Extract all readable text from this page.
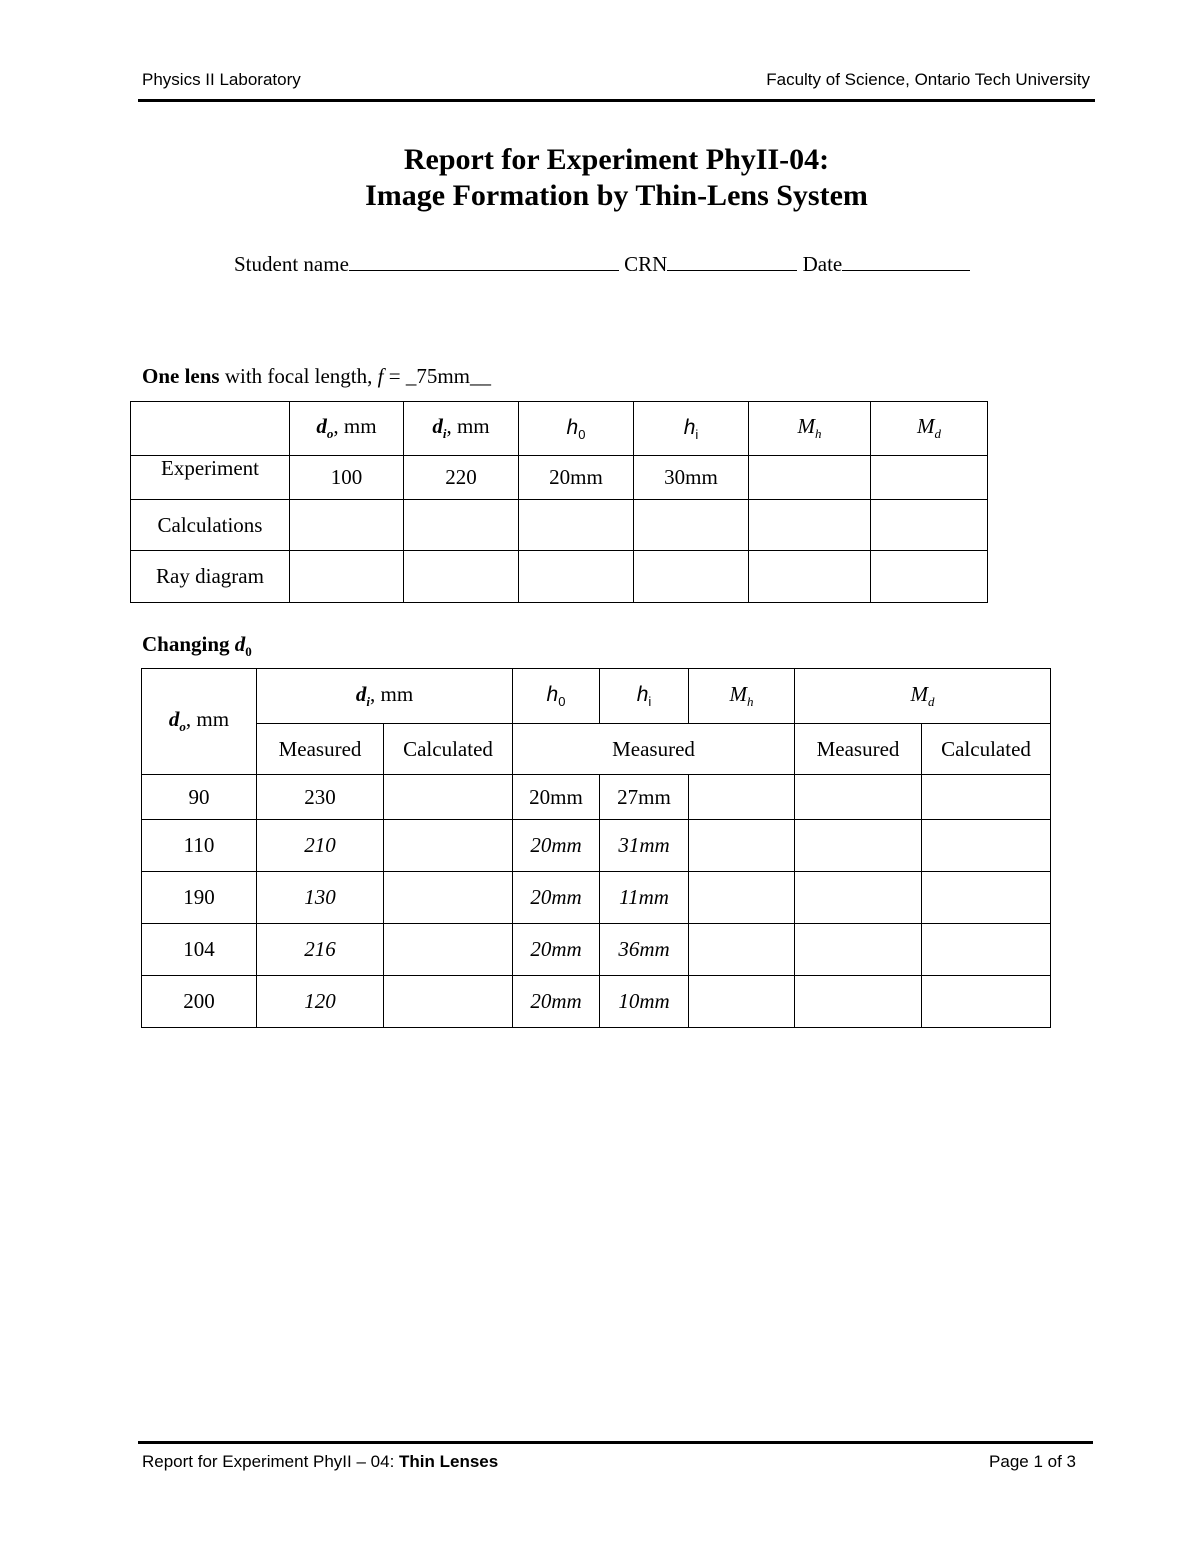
Physics II Laboratory	Faculty of Science, Ontario Tech University
Report for Experiment PhyII-04:
Image Formation by Thin-Lens System
Student name	CRN	Date
One lens with focal length, f = _75mm__
	$d_o$, mm	$d_i$, mm	$h_0$	$h_i$	$M_h$	$M_d$
Experiment	100	220	20mm	30mm		
Calculations						
Ray diagram						
Changing $d_0$
$d_o$, mm	$d_i$, mm		$h_0$	$h_i$	$M_h$	$M_d$
	Measured	Calculated	Measured			Measured	Calculated
90	230		20mm	27mm			
110	210		20mm	31mm			
190	130		20mm	11mm			
104	216		20mm	36mm			
200	120		20mm	10mm			
Report for Experiment PhyII – 04: Thin Lenses	Page 1 of 3
